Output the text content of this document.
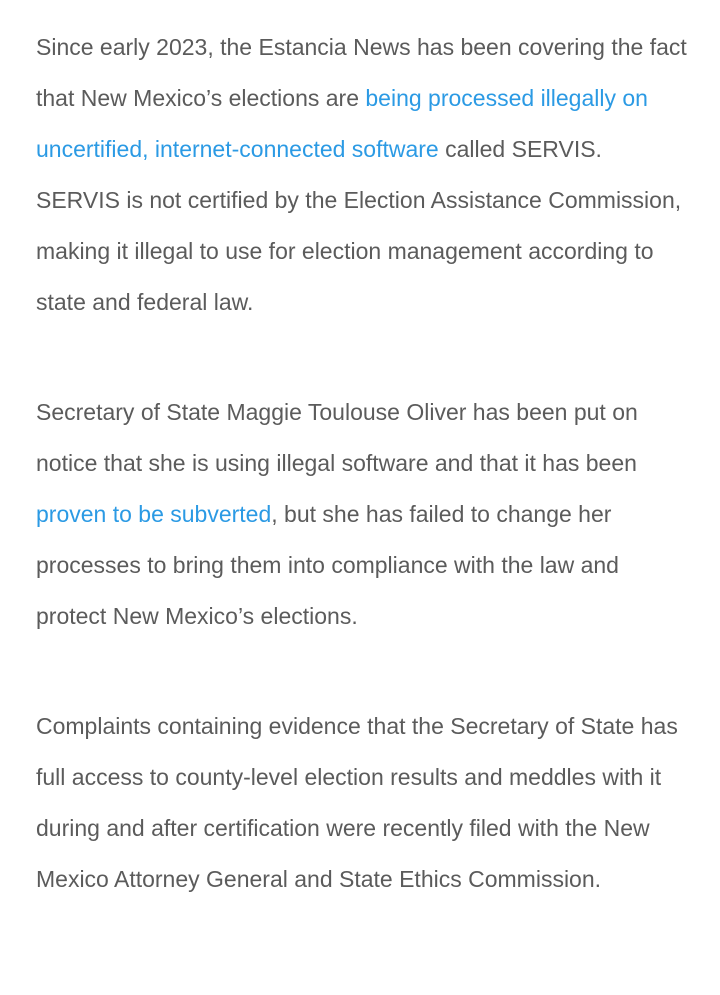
Since early 2023, the Estancia News has been covering the fact that New Mexico’s elections are being processed illegally on uncertified, internet-connected software called SERVIS. SERVIS is not certified by the Election Assistance Commission, making it illegal to use for election management according to state and federal law.

Secretary of State Maggie Toulouse Oliver has been put on notice that she is using illegal software and that it has been proven to be subverted, but she has failed to change her processes to bring them into compliance with the law and protect New Mexico’s elections.

Complaints containing evidence that the Secretary of State has full access to county-level election results and meddles with it during and after certification were recently filed with the New Mexico Attorney General and State Ethics Commission.
